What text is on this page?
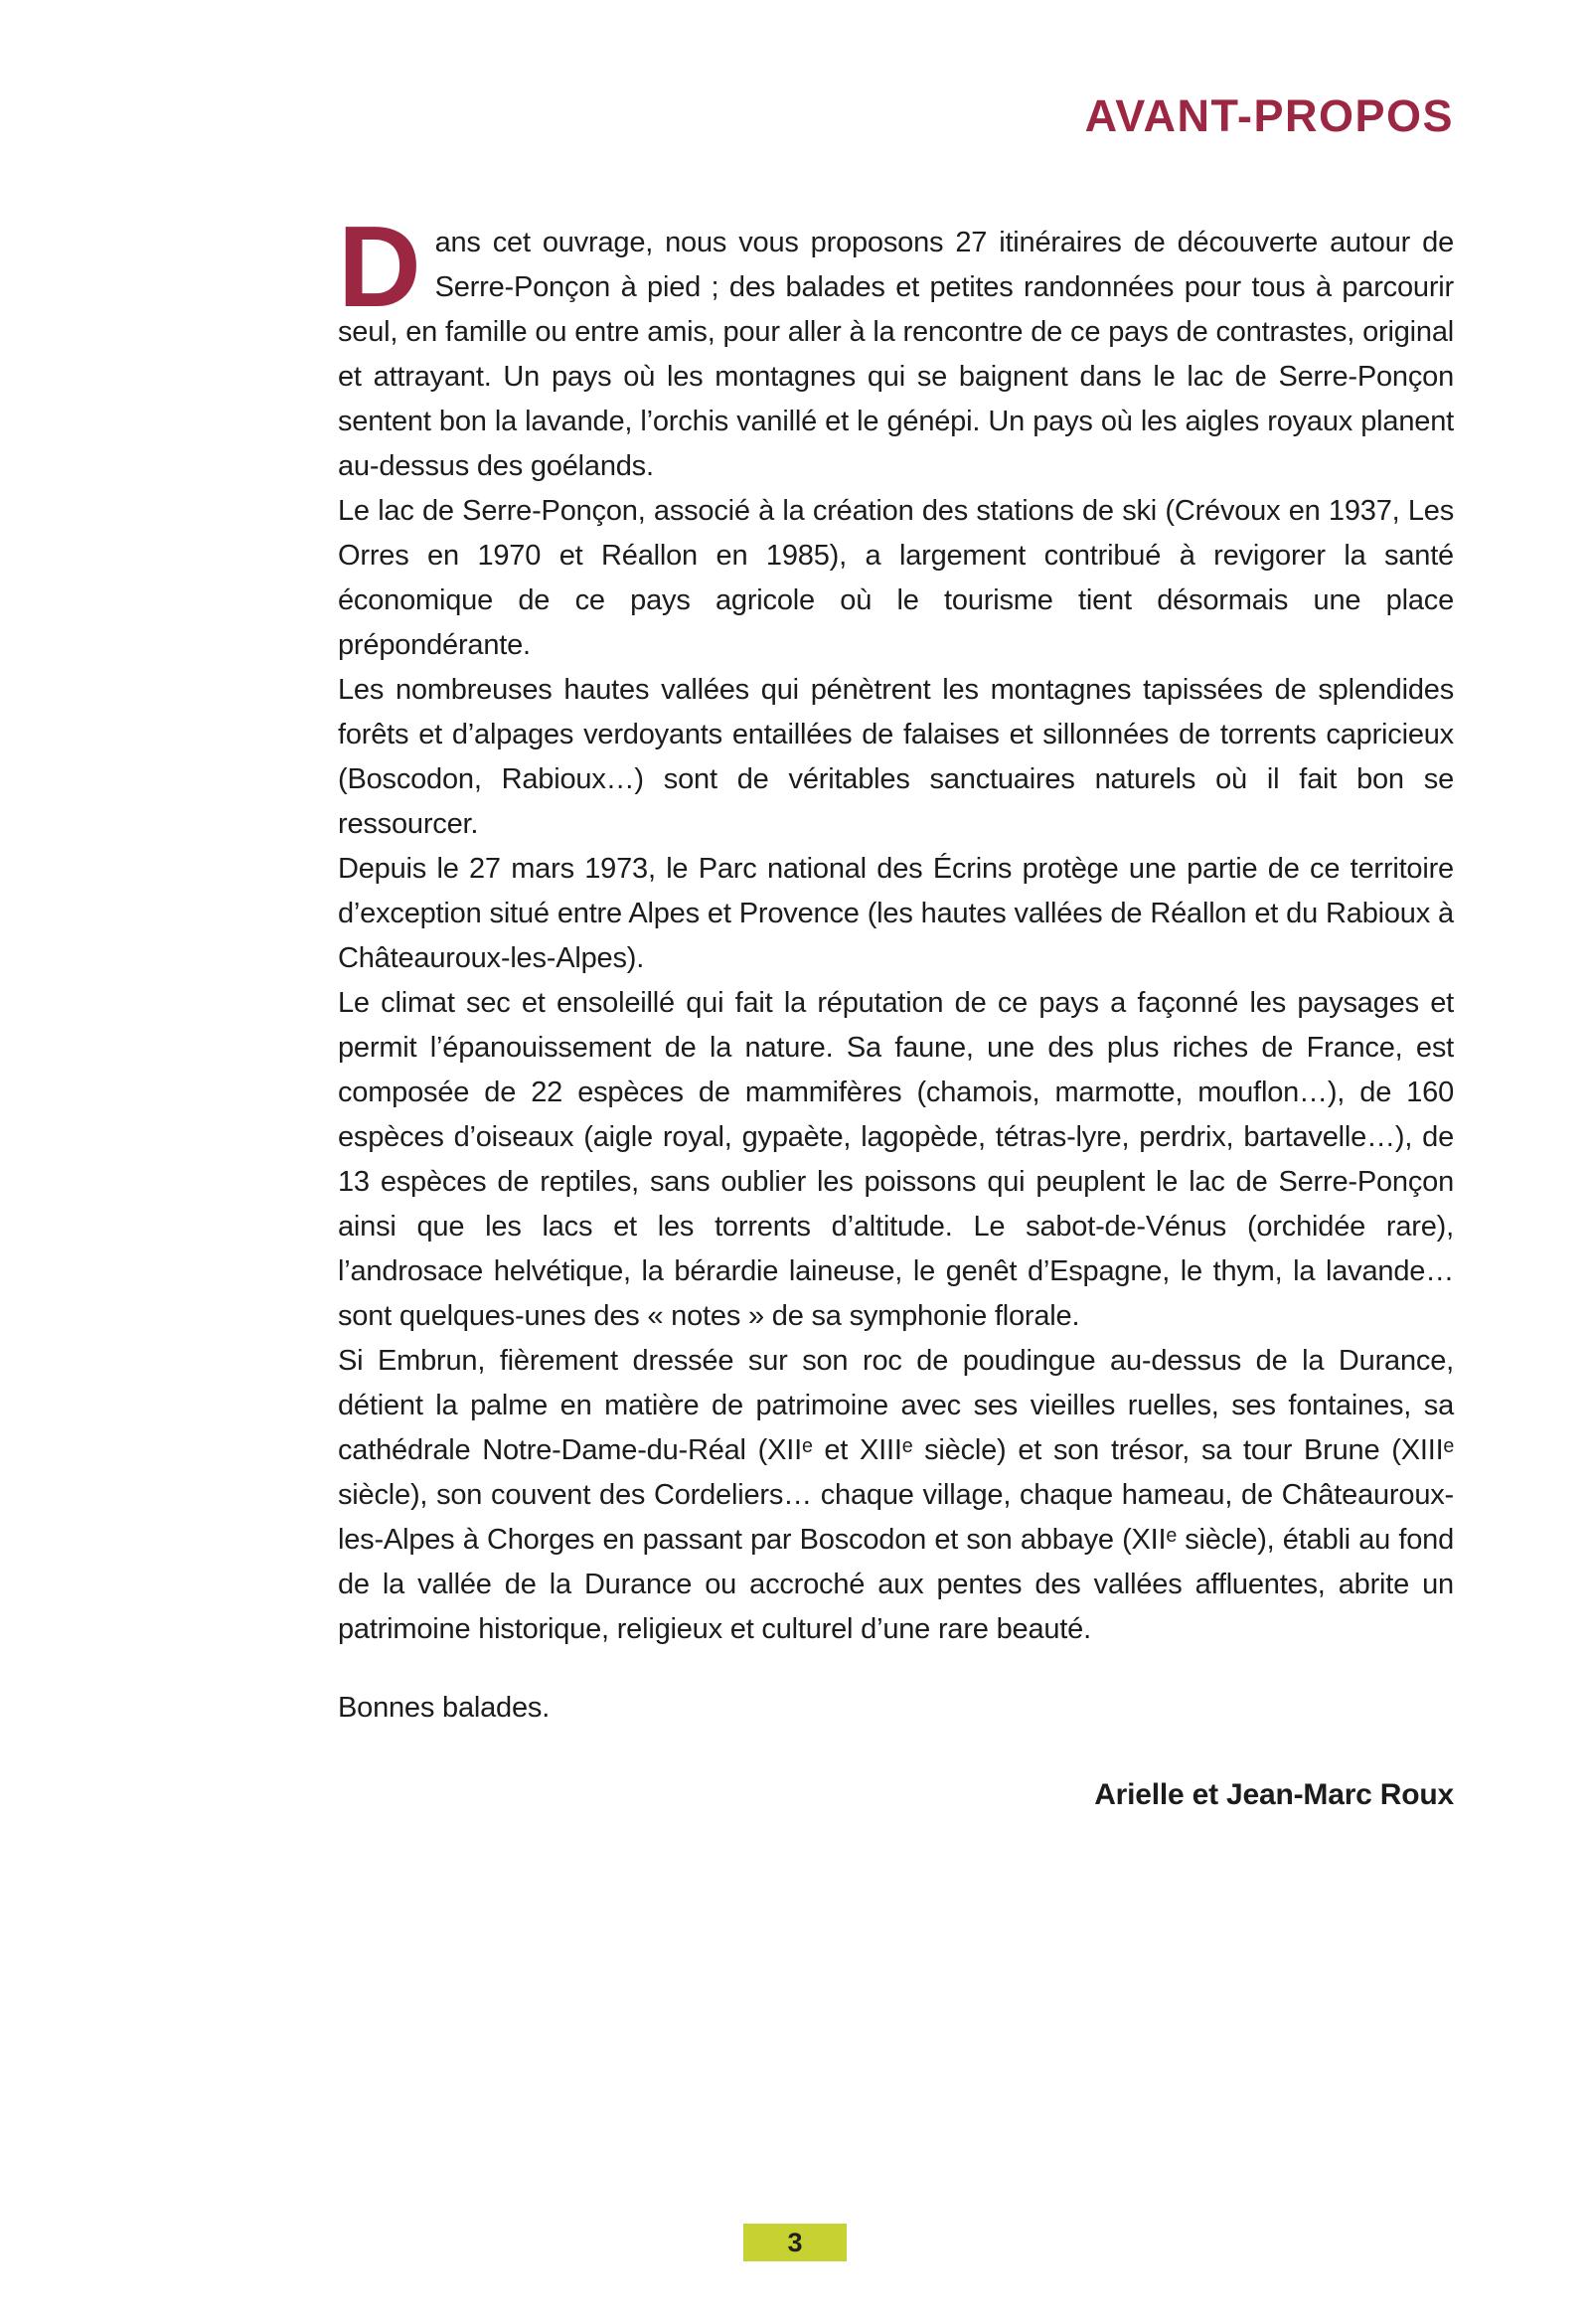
AVANT-PROPOS

Dans cet ouvrage, nous vous proposons 27 itinéraires de découverte autour de Serre-Ponçon à pied ; des balades et petites randonnées pour tous à parcourir seul, en famille ou entre amis, pour aller à la rencontre de ce pays de contrastes, original et attrayant. Un pays où les montagnes qui se baignent dans le lac de Serre-Ponçon sentent bon la lavande, l’orchis vanillé et le génépi. Un pays où les aigles royaux planent au-dessus des goélands.

Le lac de Serre-Ponçon, associé à la création des stations de ski (Crévoux en 1937, Les Orres en 1970 et Réallon en 1985), a largement contribué à revigorer la santé économique de ce pays agricole où le tourisme tient désormais une place prépondérante.

Les nombreuses hautes vallées qui pénètrent les montagnes tapissées de splendides forêts et d’alpages verdoyants entaillées de falaises et sillonnées de torrents capricieux (Boscodon, Rabioux…) sont de véritables sanctuaires naturels où il fait bon se ressourcer.

Depuis le 27 mars 1973, le Parc national des Écrins protège une partie de ce territoire d’exception situé entre Alpes et Provence (les hautes vallées de Réallon et du Rabioux à Châteauroux-les-Alpes).

Le climat sec et ensoleillé qui fait la réputation de ce pays a façonné les paysages et permit l’épanouissement de la nature. Sa faune, une des plus riches de France, est composée de 22 espèces de mammifères (chamois, marmotte, mouflon…), de 160 espèces d’oiseaux (aigle royal, gypaète, lagopède, tétras-lyre, perdrix, bartavelle…), de 13 espèces de reptiles, sans oublier les poissons qui peuplent le lac de Serre-Ponçon ainsi que les lacs et les torrents d’altitude. Le sabot-de-Vénus (orchidée rare), l’androsace helvétique, la bérardie laineuse, le genêt d’Espagne, le thym, la lavande… sont quelques-unes des « notes » de sa symphonie florale.

Si Embrun, fièrement dressée sur son roc de poudingue au-dessus de la Durance, détient la palme en matière de patrimoine avec ses vieilles ruelles, ses fontaines, sa cathédrale Notre-Dame-du-Réal (XIIᵉ et XIIIᵉ siècle) et son trésor, sa tour Brune (XIIIᵉ siècle), son couvent des Cordeliers… chaque village, chaque hameau, de Châteauroux-les-Alpes à Chorges en passant par Boscodon et son abbaye (XIIᵉ siècle), établi au fond de la vallée de la Durance ou accroché aux pentes des vallées affluentes, abrite un patrimoine historique, religieux et culturel d’une rare beauté.

Bonnes balades.

Arielle et Jean-Marc Roux

3
